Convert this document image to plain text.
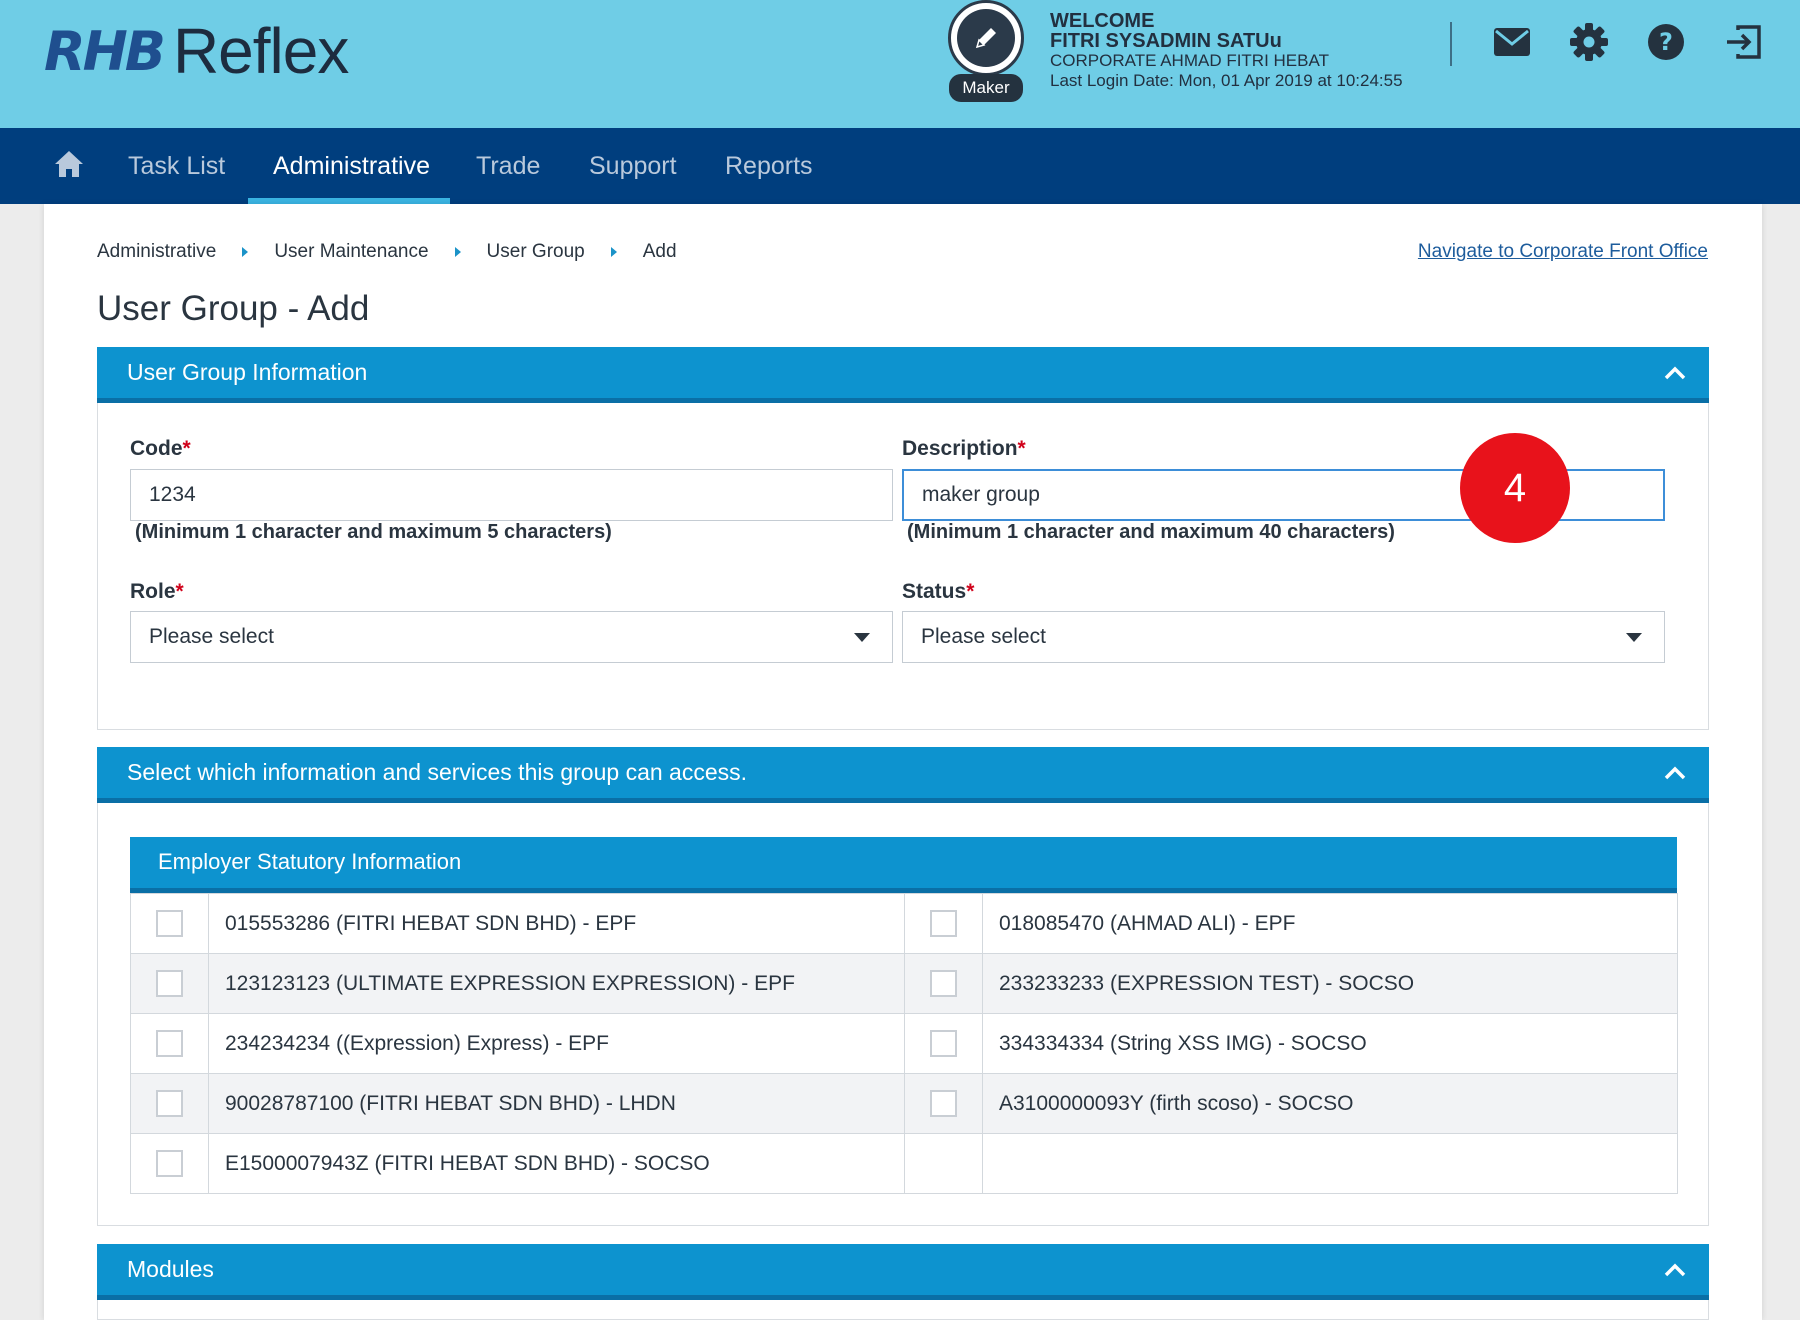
RHB Reflex
Maker
WELCOME
FITRI SYSADMIN SATUu
CORPORATE AHMAD FITRI HEBAT
Last Login Date: Mon, 01 Apr 2019 at 10:24:55
?
Task List Administrative Trade Support Reports
Administrative	User Maintenance	User Group	Add	Navigate to Corporate Front Office
User Group - Add
User Group Information
Code*
1234
(Minimum 1 character and maximum 5 characters)
Description*
maker group
(Minimum 1 character and maximum 40 characters)
Role*
Please select
Status*
Please select
4
Select which information and services this group can access.
Employer Statutory Information
	015553286 (FITRI HEBAT SDN BHD) - EPF		018085470 (AHMAD ALI) - EPF
	123123123 (ULTIMATE EXPRESSION EXPRESSION) - EPF		233233233 (EXPRESSION TEST) - SOCSO
	234234234 ((Expression) Express) - EPF		334334334 (String XSS IMG) - SOCSO
	90028787100 (FITRI HEBAT SDN BHD) - LHDN		A3100000093Y (firth scoso) - SOCSO
	E1500007943Z (FITRI HEBAT SDN BHD) - SOCSO		
Modules
